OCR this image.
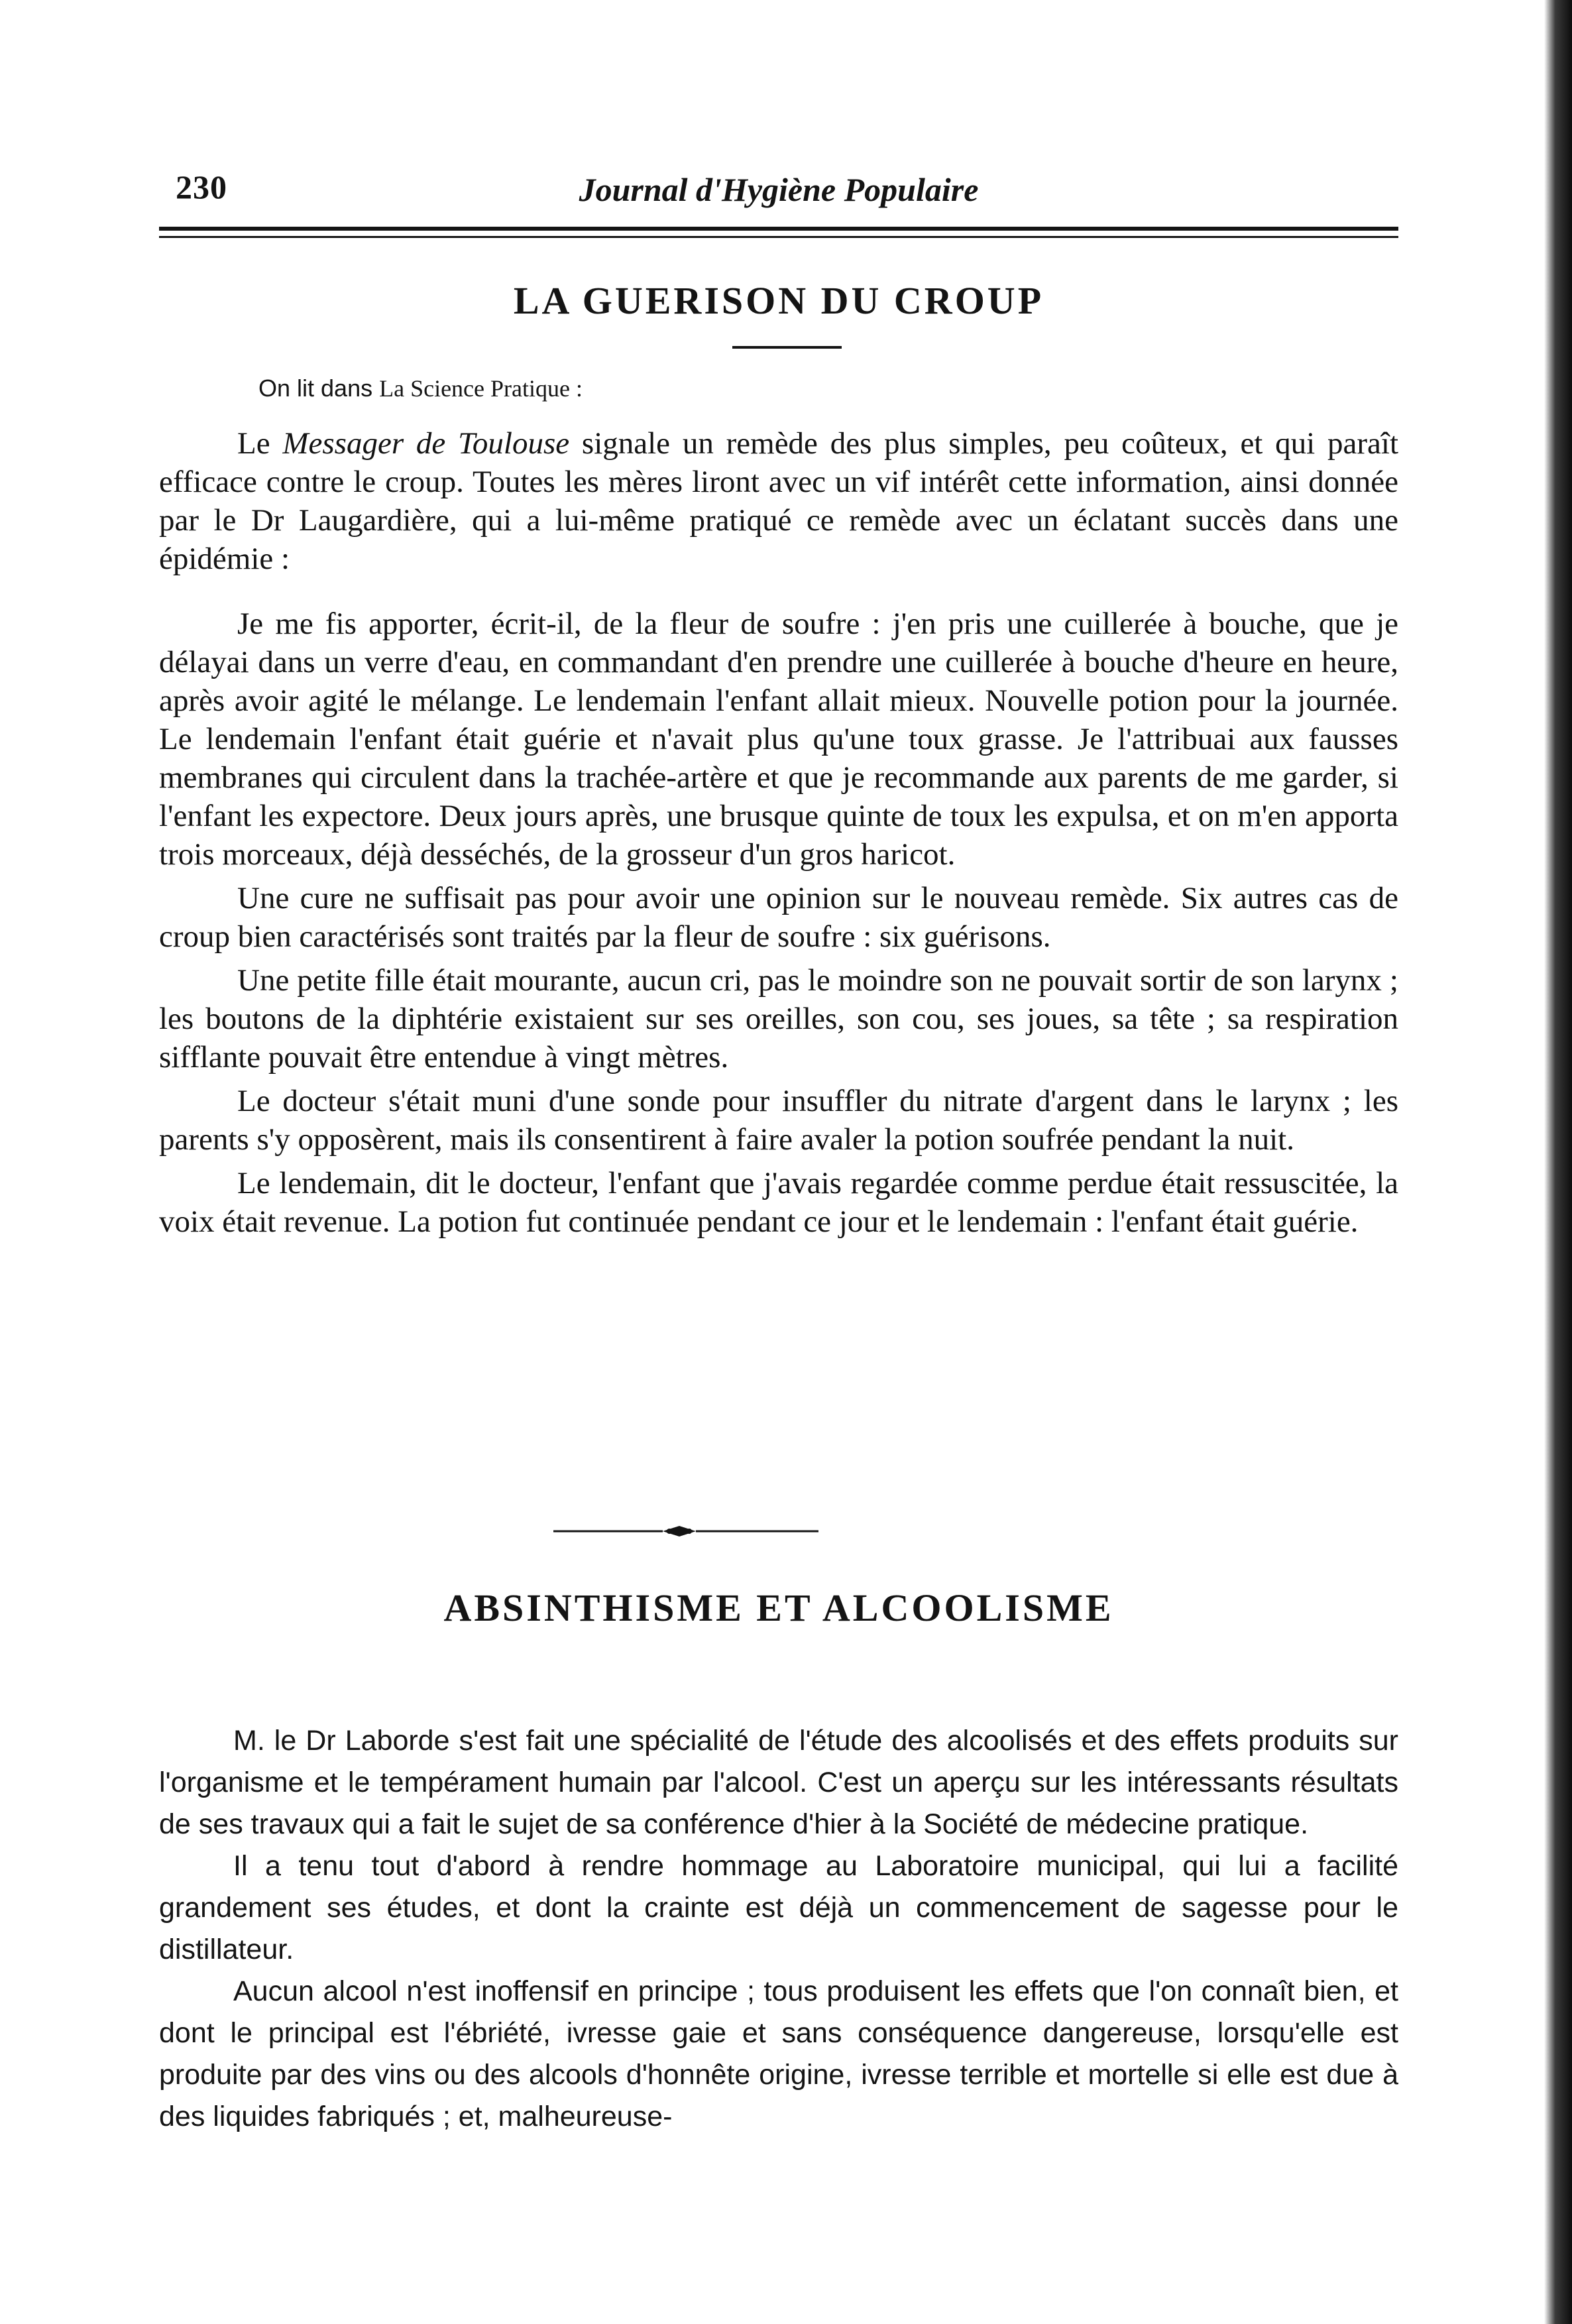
230	Journal d'Hygiène Populaire
LA GUERISON DU CROUP
On lit dans La Science Pratique :

Le Messager de Toulouse signale un remède des plus simples, peu coûteux, et qui paraît efficace contre le croup. Toutes les mères liront avec un vif intérêt cette information, ainsi donnée par le Dr Laugardière, qui a lui-même pratiqué ce remède avec un éclatant succès dans une épidémie :

Je me fis apporter, écrit-il, de la fleur de soufre : j'en pris une cuillerée à bouche, que je délayai dans un verre d'eau, en commandant d'en prendre une cuillerée à bouche d'heure en heure, après avoir agité le mélange. Le lendemain l'enfant allait mieux. Nouvelle potion pour la journée. Le lendemain l'enfant était guérie et n'avait plus qu'une toux grasse. Je l'attribuai aux fausses membranes qui circulent dans la trachée-artère et que je recommande aux parents de me garder, si l'enfant les expectore. Deux jours après, une brusque quinte de toux les expulsa, et on m'en apporta trois morceaux, déjà desséchés, de la grosseur d'un gros haricot.

Une cure ne suffisait pas pour avoir une opinion sur le nouveau remède. Six autres cas de croup bien caractérisés sont traités par la fleur de soufre : six guérisons.

Une petite fille était mourante, aucun cri, pas le moindre son ne pouvait sortir de son larynx ; les boutons de la diphtérie existaient sur ses oreilles, son cou, ses joues, sa tête ; sa respiration sifflante pouvait être entendue à vingt mètres.

Le docteur s'était muni d'une sonde pour insuffler du nitrate d'argent dans le larynx ; les parents s'y opposèrent, mais ils consentirent à faire avaler la potion soufrée pendant la nuit.

Le lendemain, dit le docteur, l'enfant que j'avais regardée comme perdue était ressuscitée, la voix était revenue. La potion fut continuée pendant ce jour et le lendemain : l'enfant était guérie.

ABSINTHISME ET ALCOOLISME

M. le Dr Laborde s'est fait une spécialité de l'étude des alcoolisés et des effets produits sur l'organisme et le tempérament humain par l'alcool. C'est un aperçu sur les intéressants résultats de ses travaux qui a fait le sujet de sa conférence d'hier à la Société de médecine pratique.

Il a tenu tout d'abord à rendre hommage au Laboratoire municipal, qui lui a facilité grandement ses études, et dont la crainte est déjà un commencement de sagesse pour le distillateur.

Aucun alcool n'est inoffensif en principe ; tous produisent les effets que l'on connaît bien, et dont le principal est l'ébriété, ivresse gaie et sans conséquence dangereuse, lorsqu'elle est produite par des vins ou des alcools d'honnête origine, ivresse terrible et mortelle si elle est due à des liquides fabriqués ; et, malheureuse-
